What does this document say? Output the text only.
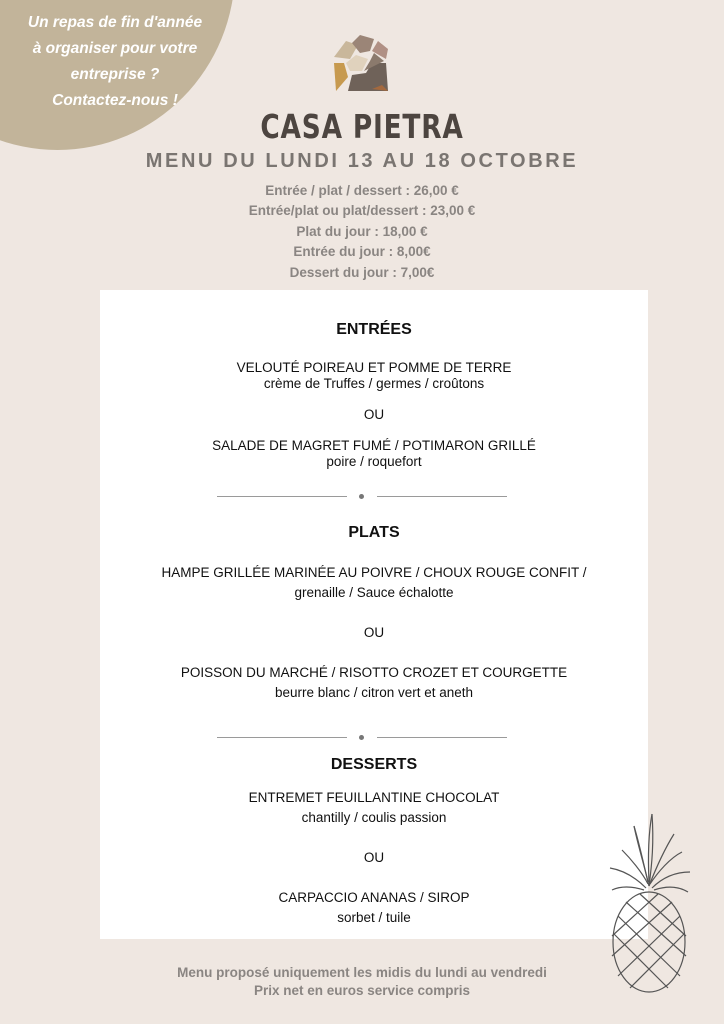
Un repas de fin d'année
à organiser pour votre
entreprise ?
Contactez-nous !
CASA PIETRA
MENU DU LUNDI 13 AU 18 OCTOBRE
Entrée / plat / dessert : 26,00 €
Entrée/plat ou plat/dessert : 23,00 €
Plat du jour : 18,00 €
Entrée du jour : 8,00€
Dessert du jour : 7,00€
ENTRÉES
VELOUTÉ POIREAU ET POMME DE TERRE
crème de Truffes / germes / croûtons
OU
SALADE DE MAGRET FUMÉ / POTIMARON GRILLÉ
poire / roquefort
PLATS
HAMPE GRILLÉE MARINÉE AU POIVRE / CHOUX ROUGE CONFIT /
grenaille / Sauce échalotte
OU
POISSON DU MARCHÉ / RISOTTO CROZET ET COURGETTE
beurre blanc / citron vert et aneth
DESSERTS
ENTREMET FEUILLANTINE CHOCOLAT
chantilly / coulis passion
OU
CARPACCIO ANANAS / SIROP
sorbet / tuile
Menu proposé uniquement les midis du lundi au vendredi
Prix net en euros service compris
